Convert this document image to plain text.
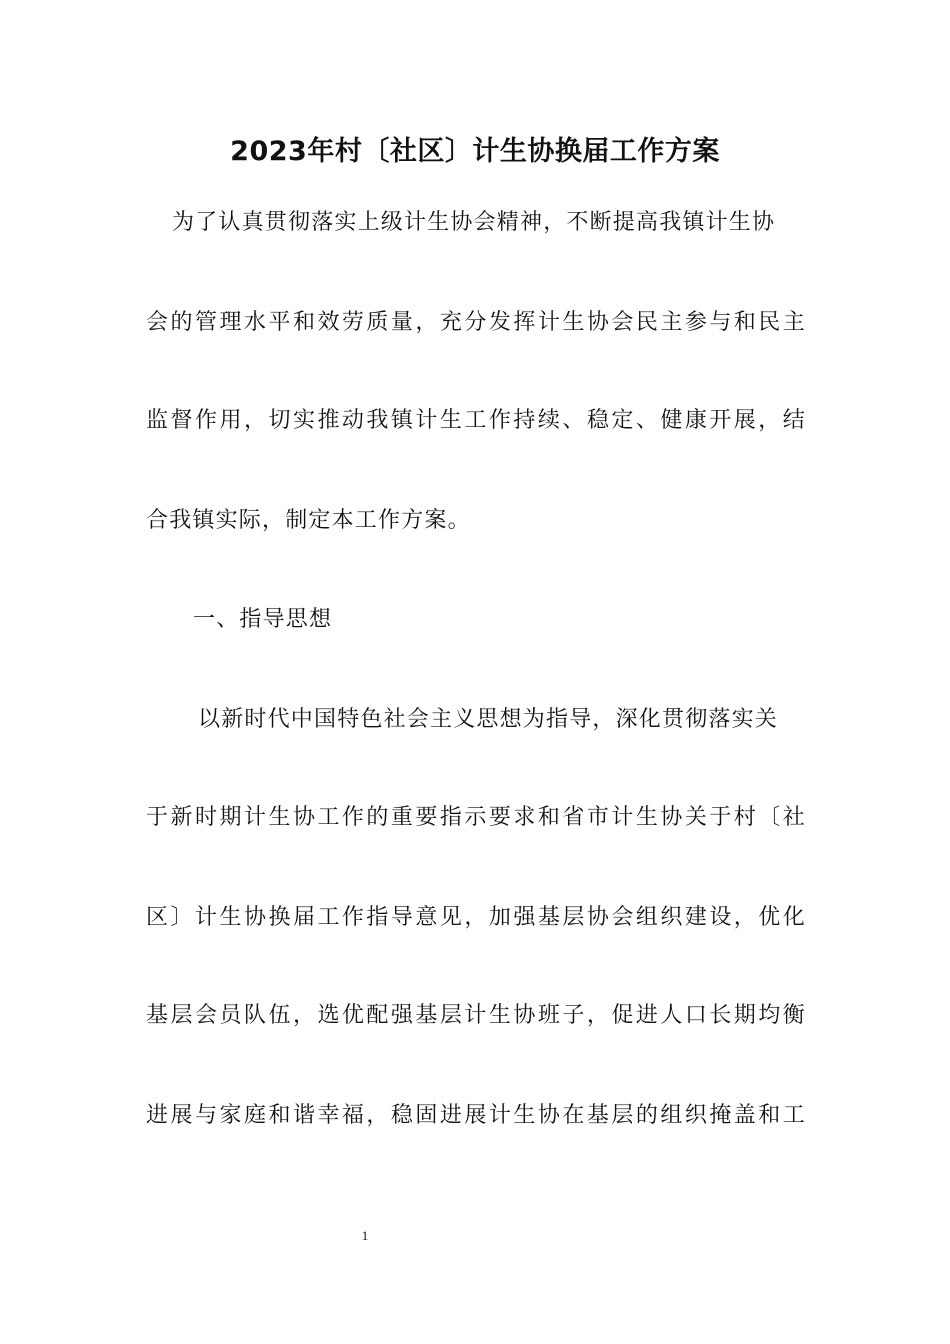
2023年村〔社区〕计生协换届工作方案
为了认真贯彻落实上级计生协会精神，不断提高我镇计生协
会的管理水平和效劳质量，充分发挥计生协会民主参与和民主
监督作用，切实推动我镇计生工作持续、稳定、健康开展，结
合我镇实际，制定本工作方案。
一、指导思想
以新时代中国特色社会主义思想为指导，深化贯彻落实关
于新时期计生协工作的重要指示要求和省市计生协关于村〔社
区〕计生协换届工作指导意见，加强基层协会组织建设，优化
基层会员队伍，选优配强基层计生协班子，促进人口长期均衡
进展与家庭和谐幸福，稳固进展计生协在基层的组织掩盖和工
1
